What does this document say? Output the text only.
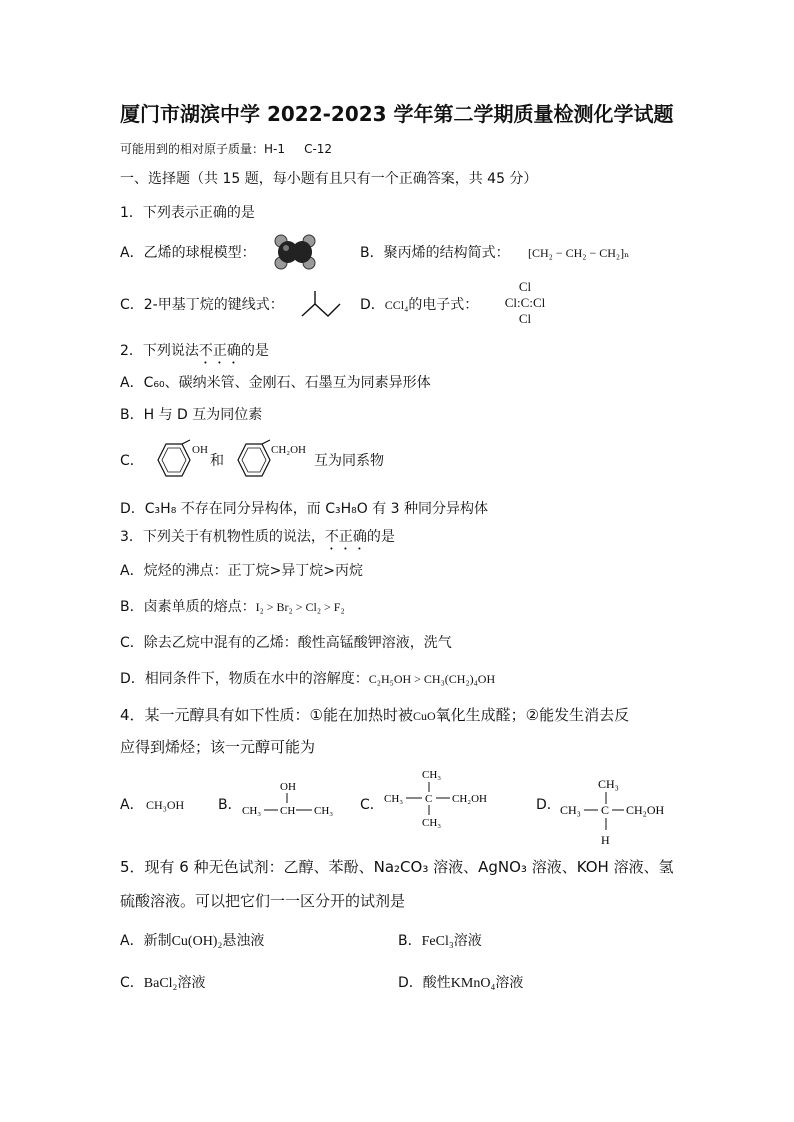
厦门市湖滨中学 2022-2023 学年第二学期质量检测化学试题
可能用到的相对原子质量：H-1 C-12
一、选择题（共 15 题，每小题有且只有一个正确答案，共 45 分）
1．下列表示正确的是
A．乙烯的球棍模型：	B．聚丙烯的结构简式： [CH₂ − CH₂ − CH₂]ₙ
C．2-甲基丁烷的键线式：	D．CCl₄的电子式：
Cl
Cl:C:Cl
Cl
2．下列说法不正确的是
A．C₆₀、碳纳米管、金刚石、石墨互为同素异形体
B．H 与 D 互为同位素
C．
OH
和
CH₂OH
互为同系物
D．C₃H₈ 不存在同分异构体，而 C₃H₈O 有 3 种同分异构体
3．下列关于有机物性质的说法，不正确的是
A．烷烃的沸点：正丁烷>异丁烷>丙烷
B．卤素单质的熔点：I₂ > Br₂ > Cl₂ > F₂
C．除去乙烷中混有的乙烯：酸性高锰酸钾溶液，洗气
D．相同条件下，物质在水中的溶解度：C₂H₅OH > CH₃(CH₂)₄OH
4．某一元醇具有如下性质：①能在加热时被CuO氧化生成醛；②能发生消去反
应得到烯烃；该一元醇可能为
A． CH₃OH B．
OH
CH₃ CH CH₃ C．
CH₃
CH₃ C CH₂OH
CH₃
D．
CH₃
CH₃ C CH₂OH
H
5．现有 6 种无色试剂：乙醇、苯酚、Na₂CO₃ 溶液、AgNO₃ 溶液、KOH 溶液、氢
硫酸溶液。可以把它们一一区分开的试剂是
A．新制Cu(OH)₂悬浊液	B．FeCl₃溶液
C．BaCl₂溶液	D．酸性KMnO₄溶液
